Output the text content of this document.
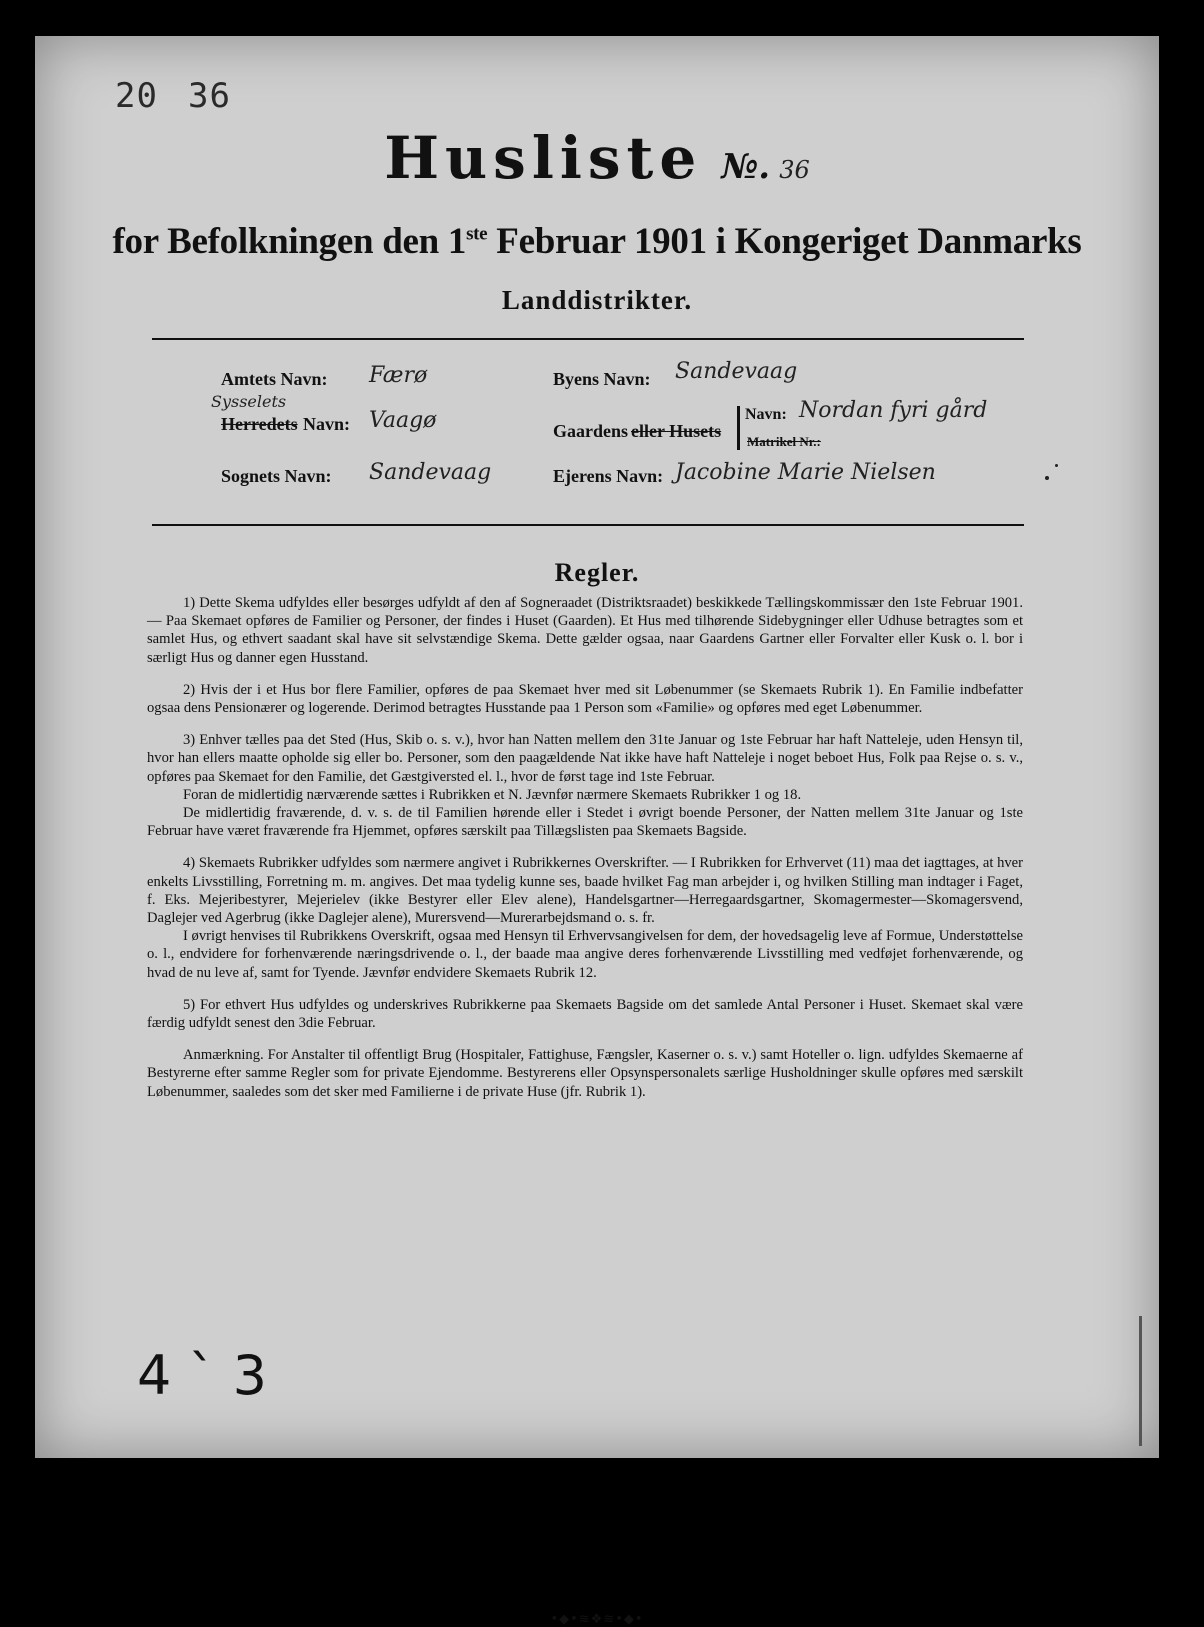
20 36
Husliste №. 36
for Befolkningen den 1ste Februar 1901 i Kongeriget Danmarks
Landdistrikter.
Amtets Navn: Færø
Sysselets
Herredets Navn: Vaagø
Sognets Navn: Sandevaag
Byens Navn: Sandevaag
Gaardens eller Husets
Navn: Nordan fyri gård
Matrikel Nr.:
Ejerens Navn: Jacobine Marie Nielsen
Regler.

1) Dette Skema udfyldes eller besørges udfyldt af den af Sogneraadet (Distriktsraadet) beskikkede Tællingskommissær den 1ste Februar 1901. — Paa Skemaet opføres de Familier og Personer, der findes i Huset (Gaarden). Et Hus med tilhørende Sidebygninger eller Udhuse betragtes som et samlet Hus, og ethvert saadant skal have sit selvstændige Skema. Dette gælder ogsaa, naar Gaardens Gartner eller Forvalter eller Kusk o. l. bor i særligt Hus og danner egen Husstand.

2) Hvis der i et Hus bor flere Familier, opføres de paa Skemaet hver med sit Løbenummer (se Skemaets Rubrik 1). En Familie indbefatter ogsaa dens Pensionærer og logerende. Derimod betragtes Husstande paa 1 Person som «Familie» og opføres med eget Løbenummer.

3) Enhver tælles paa det Sted (Hus, Skib o. s. v.), hvor han Natten mellem den 31te Januar og 1ste Februar har haft Natteleje, uden Hensyn til, hvor han ellers maatte opholde sig eller bo. Personer, som den paagældende Nat ikke have haft Natteleje i noget beboet Hus, Folk paa Rejse o. s. v., opføres paa Skemaet for den Familie, det Gæstgiversted el. l., hvor de først tage ind 1ste Februar.

Foran de midlertidig nærværende sættes i Rubrikken et N. Jævnfør nærmere Skemaets Rubrikker 1 og 18.

De midlertidig fraværende, d. v. s. de til Familien hørende eller i Stedet i øvrigt boende Personer, der Natten mellem 31te Januar og 1ste Februar have været fraværende fra Hjemmet, opføres særskilt paa Tillægslisten paa Skemaets Bagside.

4) Skemaets Rubrikker udfyldes som nærmere angivet i Rubrikkernes Overskrifter. — I Rubrikken for Erhvervet (11) maa det iagttages, at hver enkelts Livsstilling, Forretning m. m. angives. Det maa tydelig kunne ses, baade hvilket Fag man arbejder i, og hvilken Stilling man indtager i Faget, f. Eks. Mejeribestyrer, Mejerielev (ikke Bestyrer eller Elev alene), Handelsgartner—Herregaardsgartner, Skomagermester—Skomagersvend, Daglejer ved Agerbrug (ikke Daglejer alene), Murersvend—Murerarbejdsmand o. s. fr.

I øvrigt henvises til Rubrikkens Overskrift, ogsaa med Hensyn til Erhvervsangivelsen for dem, der hovedsagelig leve af Formue, Understøttelse o. l., endvidere for forhenværende næringsdrivende o. l., der baade maa angive deres forhenværende Livsstilling med vedføjet forhenværende, og hvad de nu leve af, samt for Tyende. Jævnfør endvidere Skemaets Rubrik 12.

5) For ethvert Hus udfyldes og underskrives Rubrikkerne paa Skemaets Bagside om det samlede Antal Personer i Huset. Skemaet skal være færdig udfyldt senest den 3die Februar.

Anmærkning. For Anstalter til offentligt Brug (Hospitaler, Fattighuse, Fængsler, Kaserner o. s. v.) samt Hoteller o. lign. udfyldes Skemaerne af Bestyrerne efter samme Regler som for private Ejendomme. Bestyrerens eller Opsynspersonalets særlige Husholdninger skulle opføres med særskilt Løbenummer, saaledes som det sker med Familierne i de private Huse (jfr. Rubrik 1).

•◆•≋❖≋•◆•
4 ` 3
